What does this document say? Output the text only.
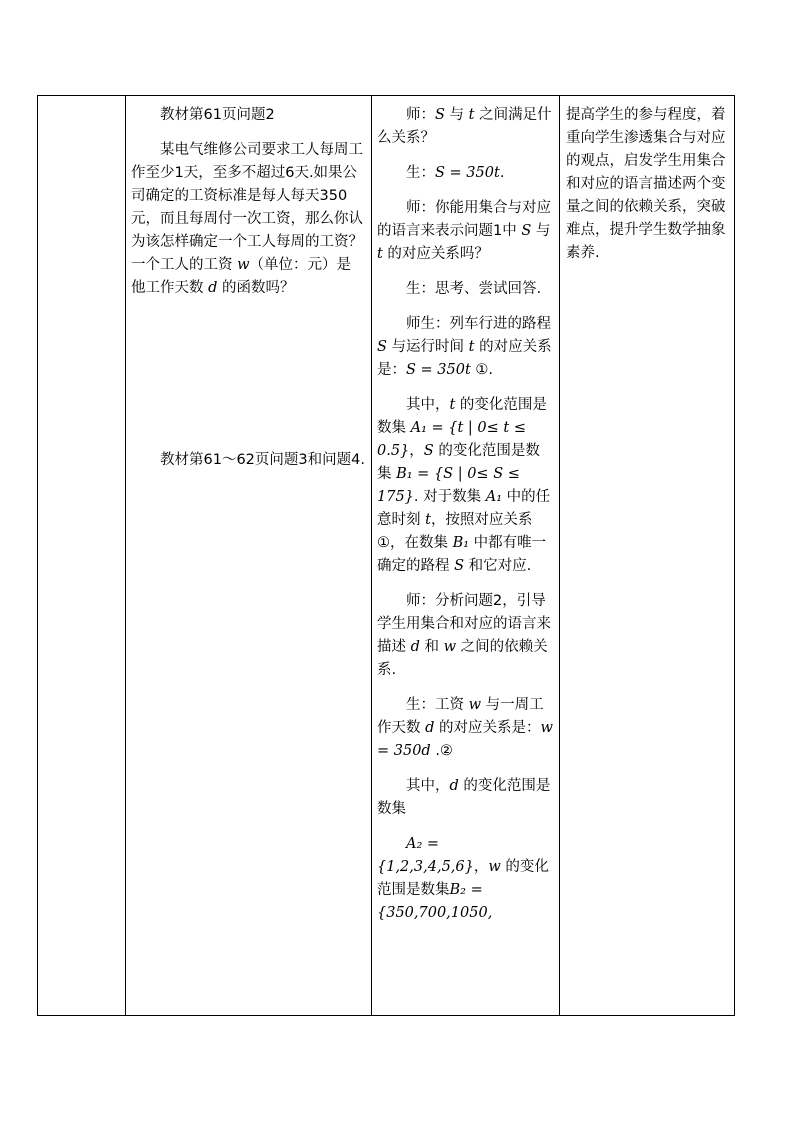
教材第61页问题2

某电气维修公司要求工人每周工作至少1天，至多不超过6天.如果公司确定的工资标准是每人每天350元，而且每周付一次工资，那么你认为该怎样确定一个工人每周的工资？一个工人的工资 w（单位：元）是他工作天数 d 的函数吗？

教材第61～62页问题3和问题4.

师：S 与 t 之间满足什么关系？

生：S = 350t.

师：你能用集合与对应的语言来表示问题1中 S 与 t 的对应关系吗？

生：思考、尝试回答.

师生：列车行进的路程 S 与运行时间 t 的对应关系是：S = 350t ①.

其中，t 的变化范围是数集 A₁ = {t | 0≤ t ≤ 0.5}，S 的变化范围是数集 B₁ = {S | 0≤ S ≤ 175}. 对于数集 A₁ 中的任意时刻 t，按照对应关系①，在数集 B₁ 中都有唯一确定的路程 S 和它对应.

师：分析问题2，引导学生用集合和对应的语言来描述 d 和 w 之间的依赖关系.

生：工资 w 与一周工作天数 d 的对应关系是：w = 350d .②

其中，d 的变化范围是数集

A₂ = {1,2,3,4,5,6}，w 的变化范围是数集B₂ = {350,700,1050,

提高学生的参与程度，着重向学生渗透集合与对应的观点，启发学生用集合和对应的语言描述两个变量之间的依赖关系，突破难点，提升学生数学抽象素养.
